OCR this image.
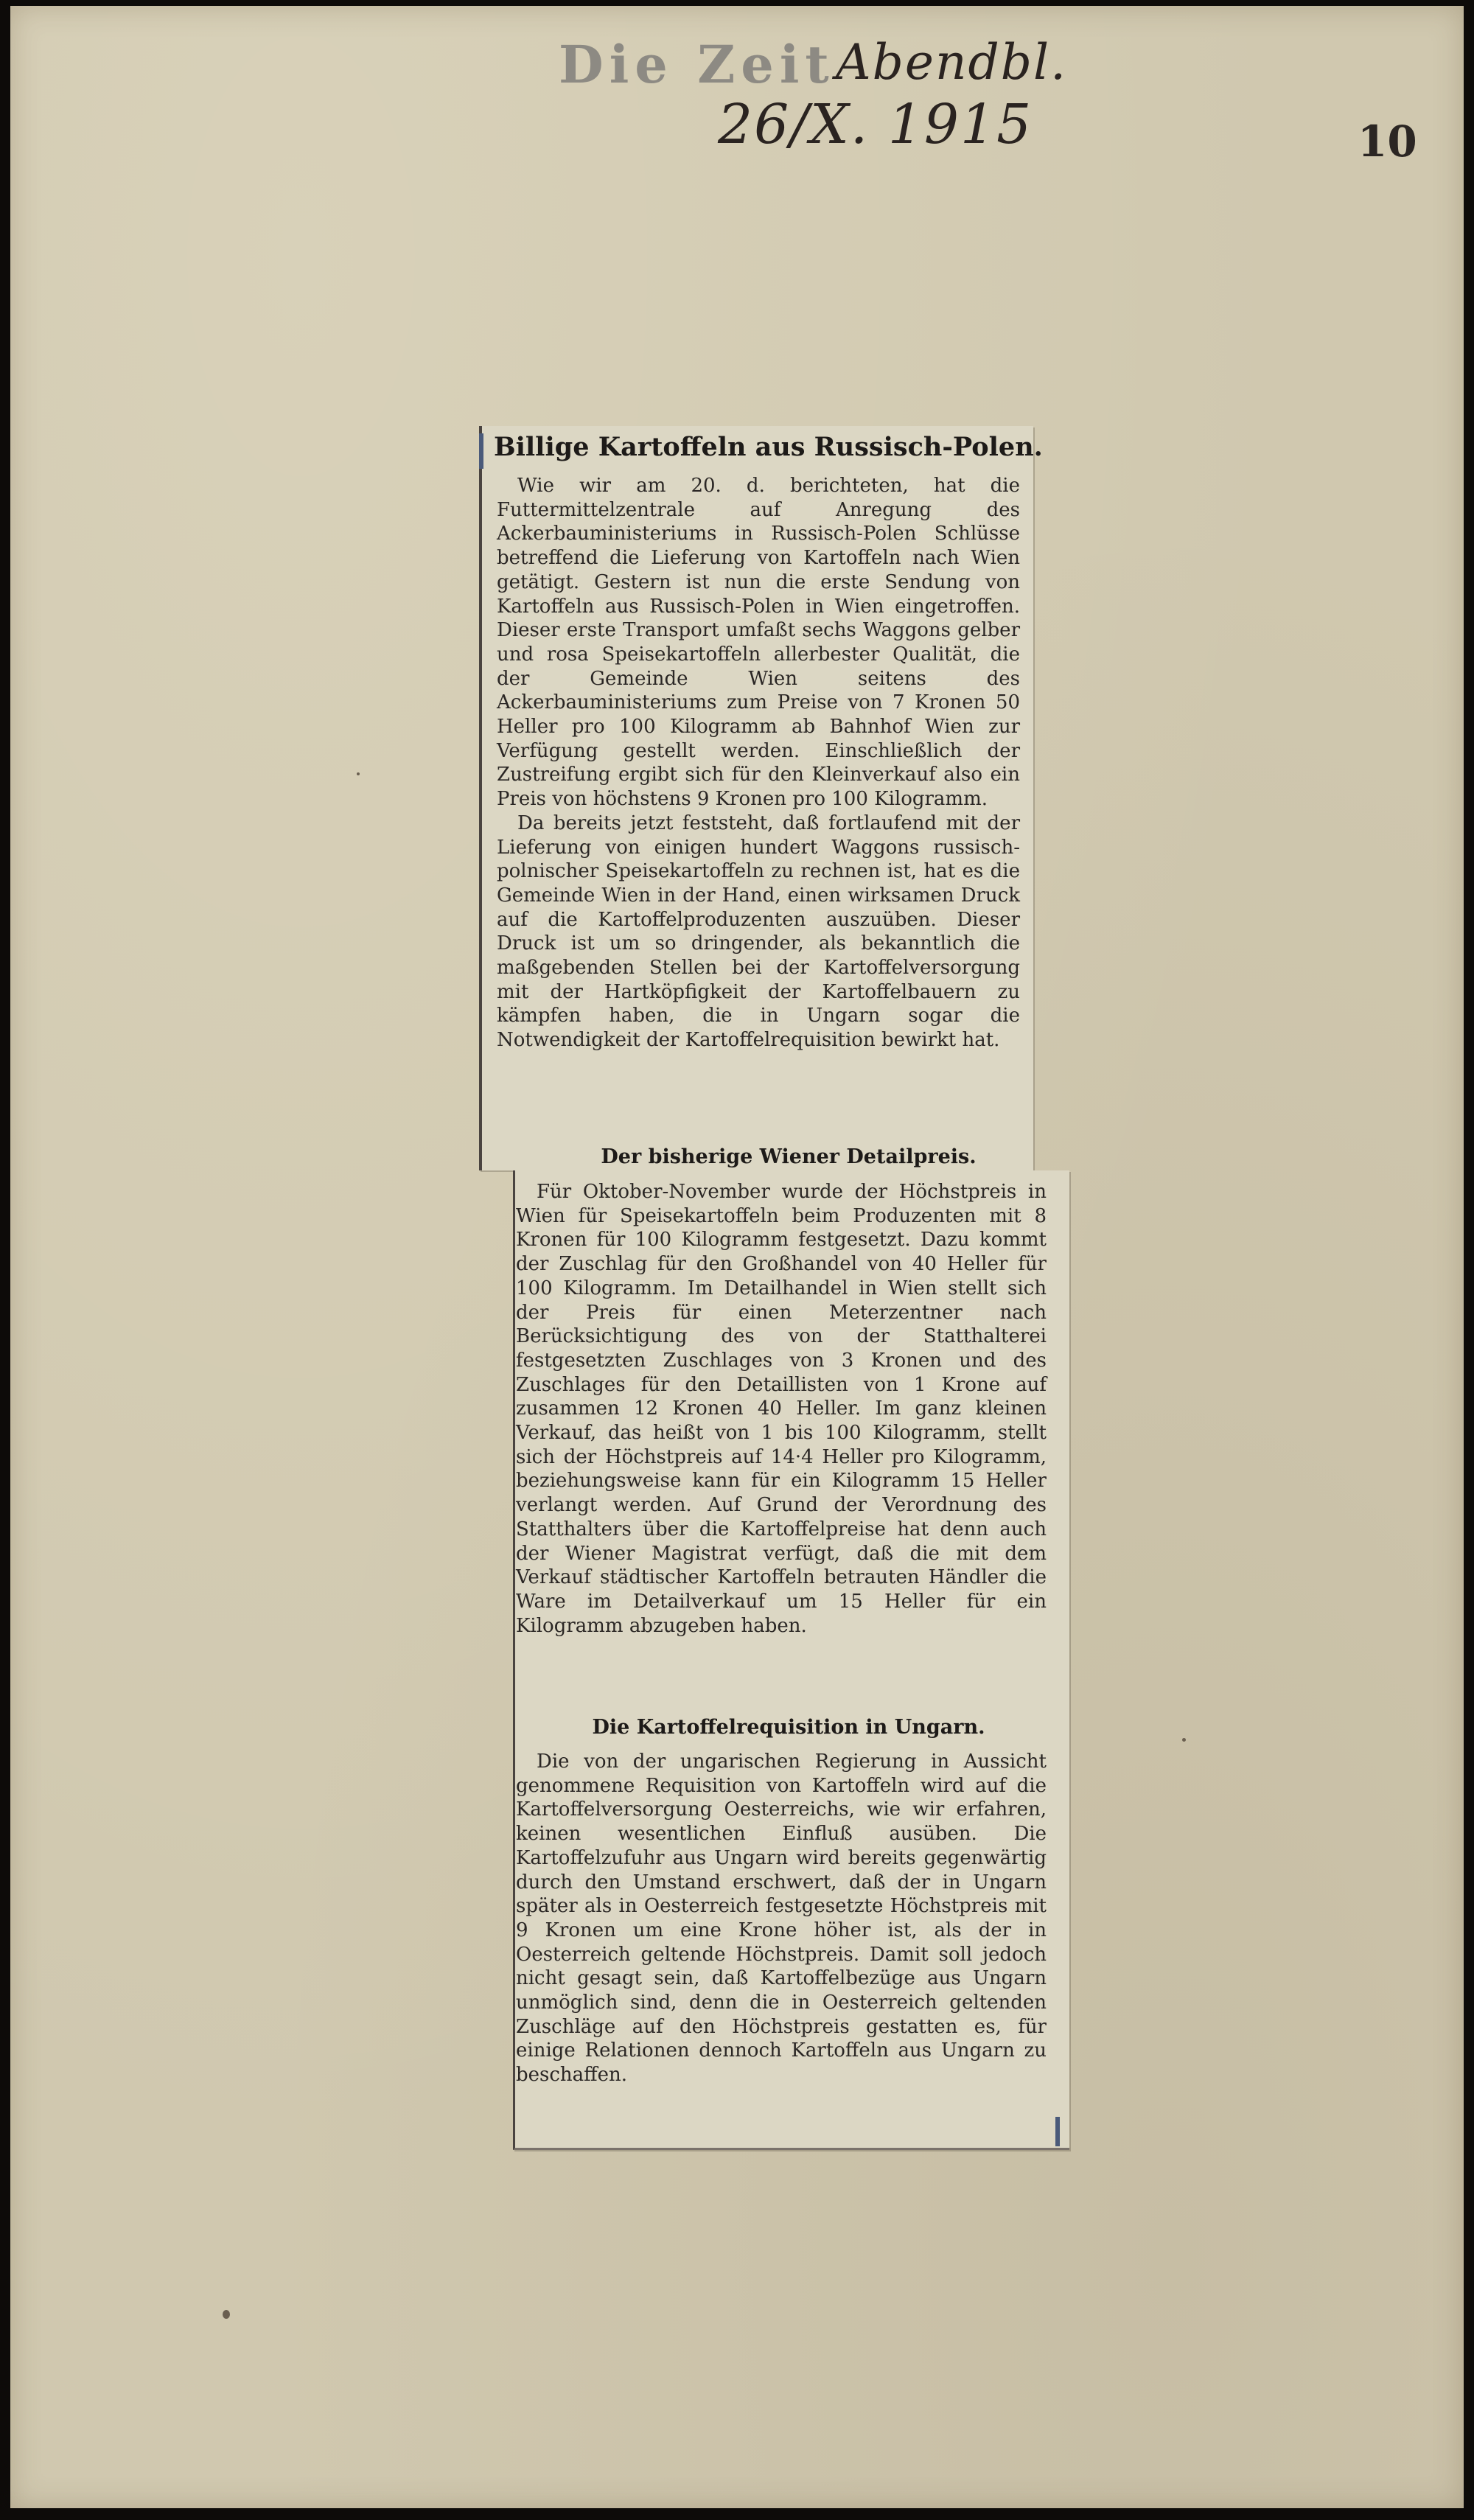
Die Zeit Abendbl.
26/X. 1915	10
Billige Kartoffeln aus Russisch-Polen.

Wie wir am 20. d. berichteten, hat die Futtermittelzentrale auf Anregung des Ackerbauministeriums in Russisch-Polen Schlüsse betreffend die Lieferung von Kartoffeln nach Wien getätigt. Gestern ist nun die erste Sendung von Kartoffeln aus Russisch-Polen in Wien eingetroffen. Dieser erste Transport umfaßt sechs Waggons gelber und rosa Speisekartoffeln allerbester Qualität, die der Gemeinde Wien seitens des Ackerbauministeriums zum Preise von 7 Kronen 50 Heller pro 100 Kilogramm ab Bahnhof Wien zur Verfügung gestellt werden. Einschließlich der Zustreifung ergibt sich für den Kleinverkauf also ein Preis von höchstens 9 Kronen pro 100 Kilogramm.

Da bereits jetzt feststeht, daß fortlaufend mit der Lieferung von einigen hundert Waggons russisch-polnischer Speisekartoffeln zu rechnen ist, hat es die Gemeinde Wien in der Hand, einen wirksamen Druck auf die Kartoffelproduzenten auszuüben. Dieser Druck ist um so dringender, als bekanntlich die maßgebenden Stellen bei der Kartoffelversorgung mit der Hartköpfigkeit der Kartoffelbauern zu kämpfen haben, die in Ungarn sogar die Notwendigkeit der Kartoffelrequisition bewirkt hat.

Der bisherige Wiener Detailpreis.

Für Oktober-November wurde der Höchstpreis in Wien für Speisekartoffeln beim Produzenten mit 8 Kronen für 100 Kilogramm festgesetzt. Dazu kommt der Zuschlag für den Großhandel von 40 Heller für 100 Kilogramm. Im Detailhandel in Wien stellt sich der Preis für einen Meterzentner nach Berücksichtigung des von der Statthalterei festgesetzten Zuschlages von 3 Kronen und des Zuschlages für den Detaillisten von 1 Krone auf zusammen 12 Kronen 40 Heller. Im ganz kleinen Verkauf, das heißt von 1 bis 100 Kilogramm, stellt sich der Höchstpreis auf 14·4 Heller pro Kilogramm, beziehungsweise kann für ein Kilogramm 15 Heller verlangt werden. Auf Grund der Verordnung des Statthalters über die Kartoffelpreise hat denn auch der Wiener Magistrat verfügt, daß die mit dem Verkauf städtischer Kartoffeln betrauten Händler die Ware im Detailverkauf um 15 Heller für ein Kilogramm abzugeben haben.

Die Kartoffelrequisition in Ungarn.

Die von der ungarischen Regierung in Aussicht genommene Requisition von Kartoffeln wird auf die Kartoffelversorgung Oesterreichs, wie wir erfahren, keinen wesentlichen Einfluß ausüben. Die Kartoffelzufuhr aus Ungarn wird bereits gegenwärtig durch den Umstand erschwert, daß der in Ungarn später als in Oesterreich festgesetzte Höchstpreis mit 9 Kronen um eine Krone höher ist, als der in Oesterreich geltende Höchstpreis. Damit soll jedoch nicht gesagt sein, daß Kartoffelbezüge aus Ungarn unmöglich sind, denn die in Oesterreich geltenden Zuschläge auf den Höchstpreis gestatten es, für einige Relationen dennoch Kartoffeln aus Ungarn zu beschaffen.
